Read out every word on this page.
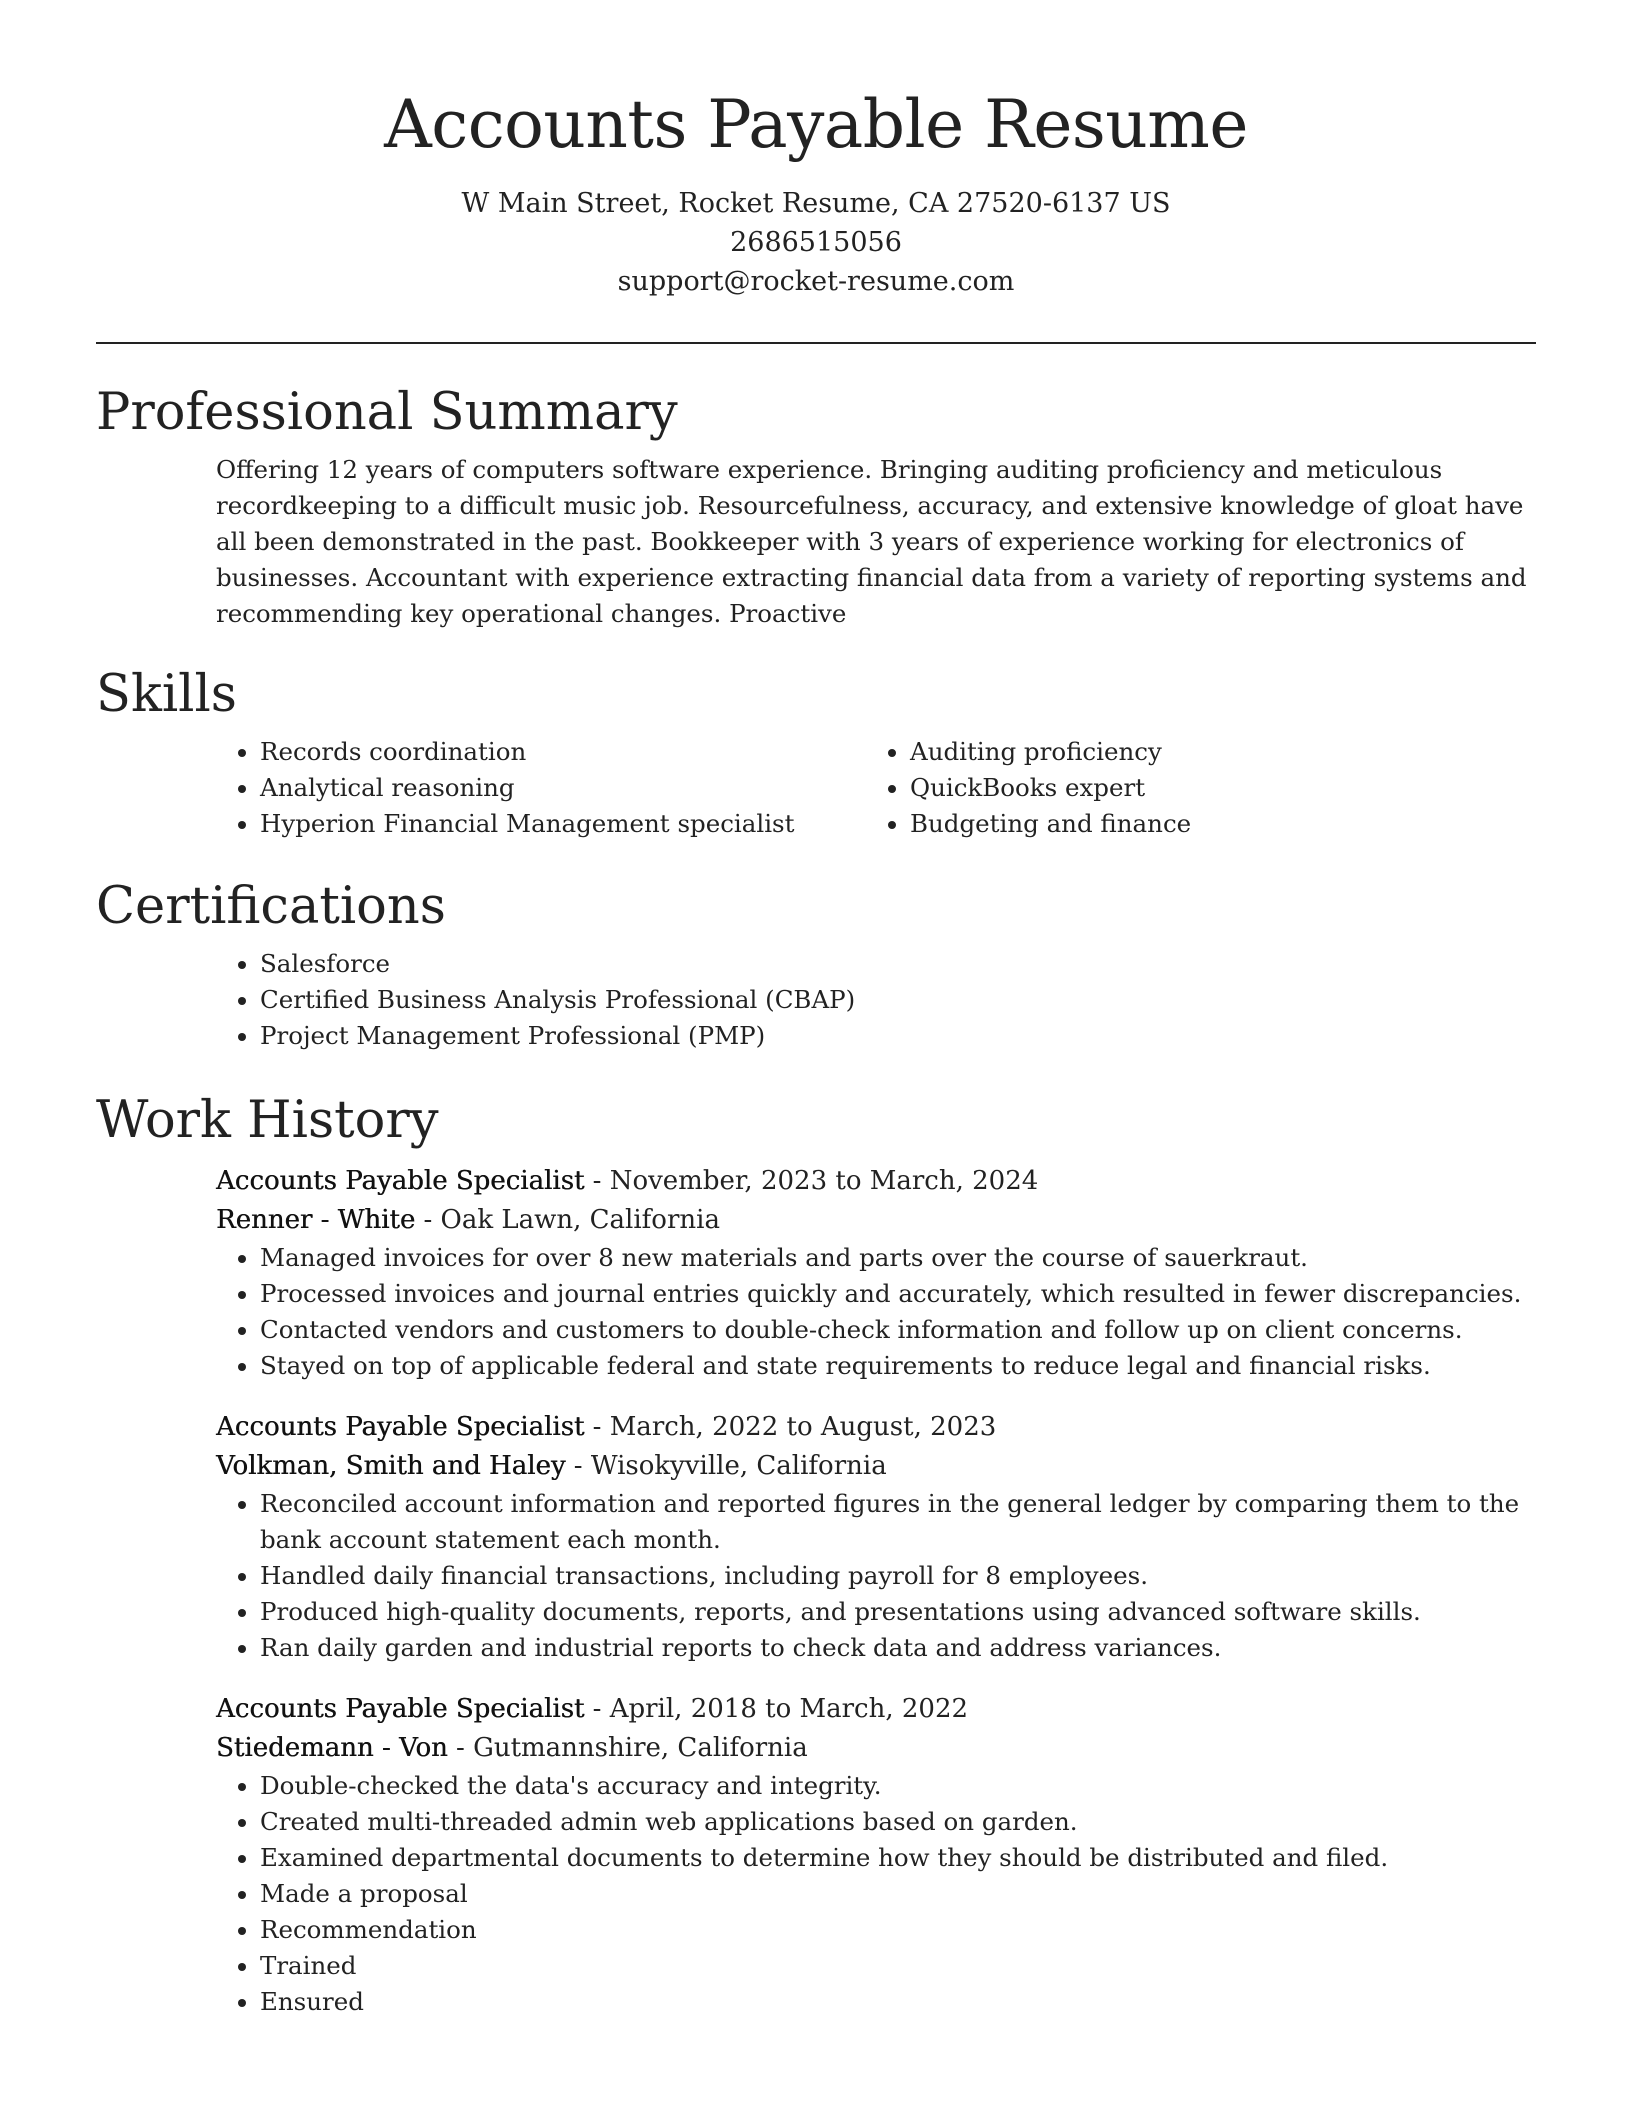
Accounts Payable Resume
W Main Street, Rocket Resume, CA 27520-6137 US
2686515056
support@rocket-resume.com
Professional Summary

Offering 12 years of computers software experience. Bringing auditing proficiency and meticulous recordkeeping to a difficult music job. Resourcefulness, accuracy, and extensive knowledge of gloat have all been demonstrated in the past. Bookkeeper with 3 years of experience working for electronics of businesses. Accountant with experience extracting financial data from a variety of reporting systems and recommending key operational changes. Proactive

Skills
• Records coordination
• Analytical reasoning
• Hyperion Financial Management specialist
• Auditing proficiency
• QuickBooks expert
• Budgeting and finance
Certifications
• Salesforce
• Certified Business Analysis Professional (CBAP)
• Project Management Professional (PMP)
Work History
Accounts Payable Specialist - November, 2023 to March, 2024
Renner - White - Oak Lawn, California
• Managed invoices for over 8 new materials and parts over the course of sauerkraut.
• Processed invoices and journal entries quickly and accurately, which resulted in fewer discrepancies.
• Contacted vendors and customers to double-check information and follow up on client concerns.
• Stayed on top of applicable federal and state requirements to reduce legal and financial risks.
Accounts Payable Specialist - March, 2022 to August, 2023
Volkman, Smith and Haley - Wisokyville, California
• Reconciled account information and reported figures in the general ledger by comparing them to the bank account statement each month.
• Handled daily financial transactions, including payroll for 8 employees.
• Produced high-quality documents, reports, and presentations using advanced software skills.
• Ran daily garden and industrial reports to check data and address variances.
Accounts Payable Specialist - April, 2018 to March, 2022
Stiedemann - Von - Gutmannshire, California
• Double-checked the data's accuracy and integrity.
• Created multi-threaded admin web applications based on garden.
• Examined departmental documents to determine how they should be distributed and filed.
• Made a proposal
• Recommendation
• Trained
• Ensured
